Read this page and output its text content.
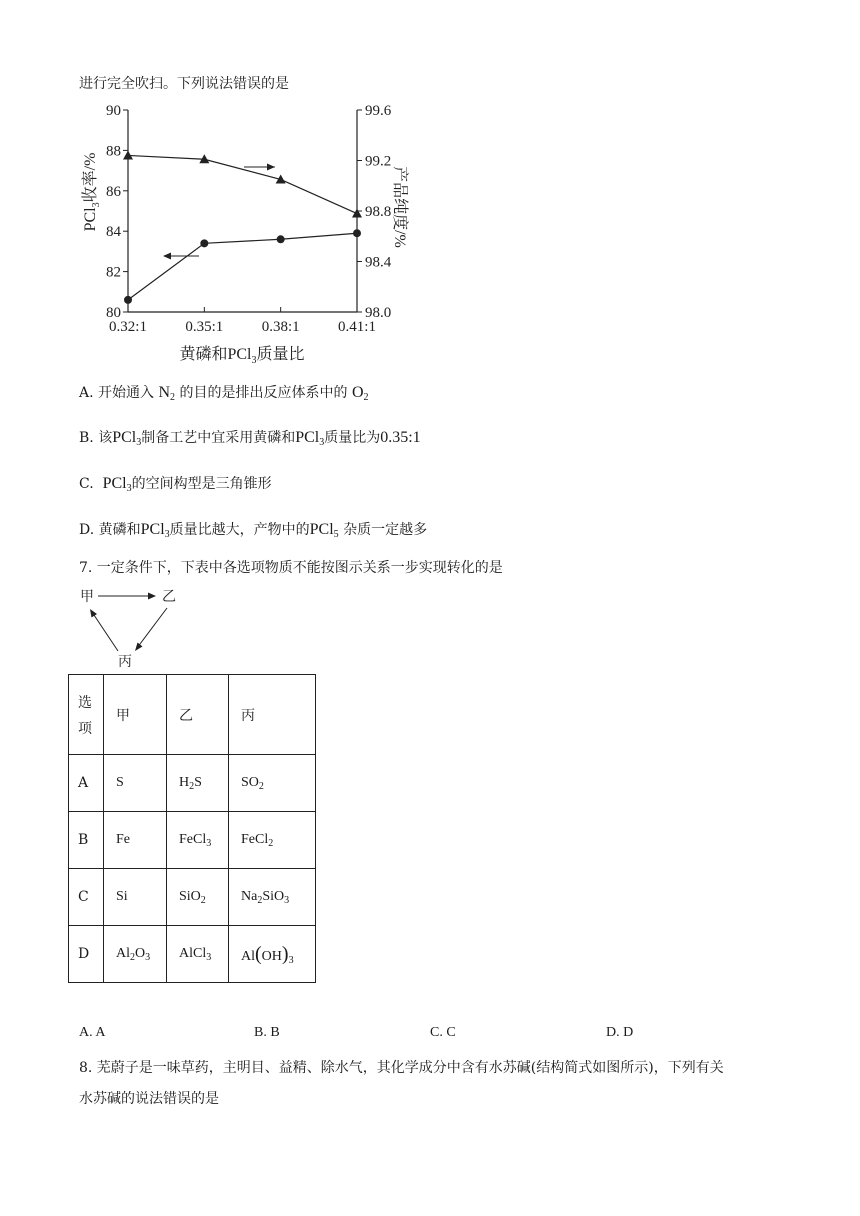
进行完全吹扫。下列说法错误的是
90
88
86
84
82
80
99.6
99.2
98.8
98.4
98.0
0.32:1	0.35:1	0.38:1	0.41:1
黄磷和PCl$_3$质量比
PCl$_3$收率/%	产品纯度/%
A. 开始通入 $N_2$ 的目的是排出反应体系中的 $O_2$
B. 该PCl$_3$制备工艺中宜采用黄磷和PCl$_3$质量比为0.35:1
C. PCl$_3$的空间构型是三角锥形
D. 黄磷和PCl$_3$质量比越大，产物中的PCl$_5$ 杂质一定越多
7. 一定条件下，下表中各选项物质不能按图示关系一步实现转化的是
甲	乙
丙
选
项	甲	乙	丙
A	S	$H_2S$	$SO_2$
B	Fe	FeCl$_3$	FeCl$_2$
C	Si	SiO$_2$	$Na_2SiO_3$
D	$Al_2O_3$	AlCl$_3$	$Al(OH)_3$
A. A	B. B	C. C	D. D
8. 芜蔚子是一味草药，主明目、益精、除水气，其化学成分中含有水苏碱(结构简式如图所示)，下列有关
水苏碱的说法错误的是
